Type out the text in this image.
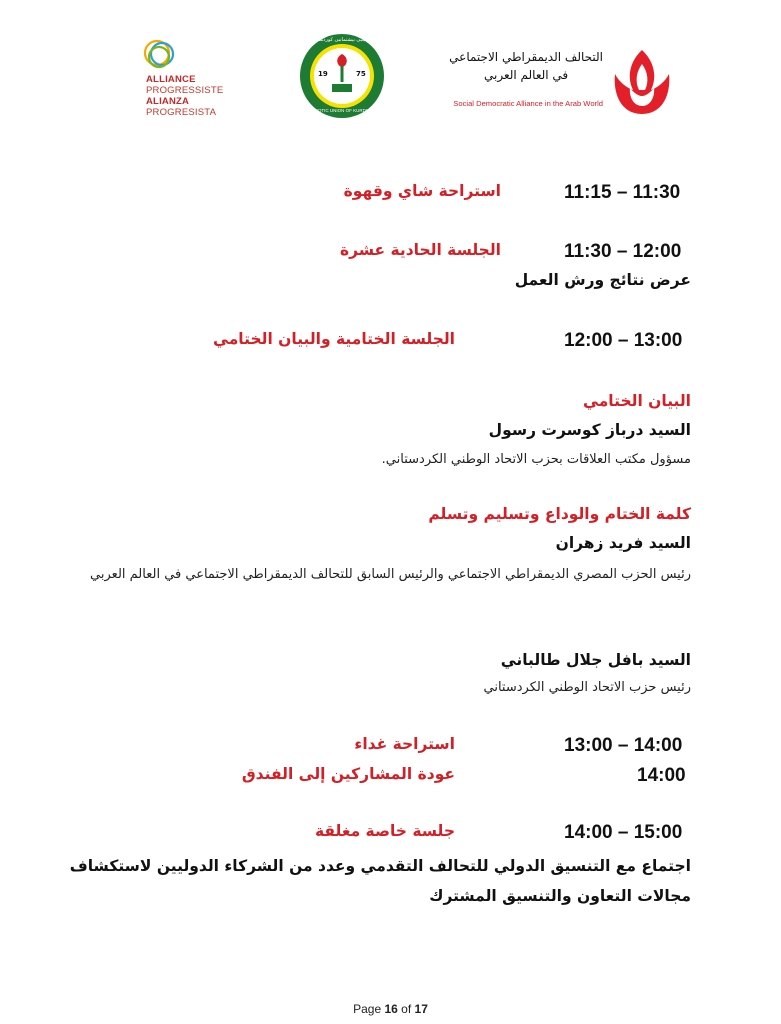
ALLIANCE
PROGRESSISTE
ALIANZA
PROGRESISTA
يەكێتیی نیشتمانیی کوردستان
PATRIOTIC UNION OF KURDISTAN
19	75
التحالف الديمقراطي الاجتماعي
في العالم العربي
Social Democratic Alliance in the Arab World
11:15 – 11:30
استراحة شاي وقهوة
11:30 – 12:00
الجلسة الحادية عشرة
عرض نتائج ورش العمل
12:00 – 13:00
الجلسة الختامية والبيان الختامي
البيان الختامي
السيد درباز كوسرت رسول
مسؤول مكتب العلاقات بحزب الاتحاد الوطني الكردستاني.
كلمة الختام والوداع وتسليم وتسلم
السيد فريد زهران
رئيس الحزب المصري الديمقراطي الاجتماعي والرئيس السابق للتحالف الديمقراطي الاجتماعي في العالم العربي
السيد بافل جلال طالباني
رئيس حزب الاتحاد الوطني الكردستاني
13:00 – 14:00
استراحة غداء
14:00
عودة المشاركين إلى الفندق
14:00 – 15:00
جلسة خاصة مغلقة
اجتماع مع التنسيق الدولي للتحالف التقدمي وعدد من الشركاء الدوليين لاستكشاف مجالات التعاون والتنسيق المشترك
Page 16 of 17
